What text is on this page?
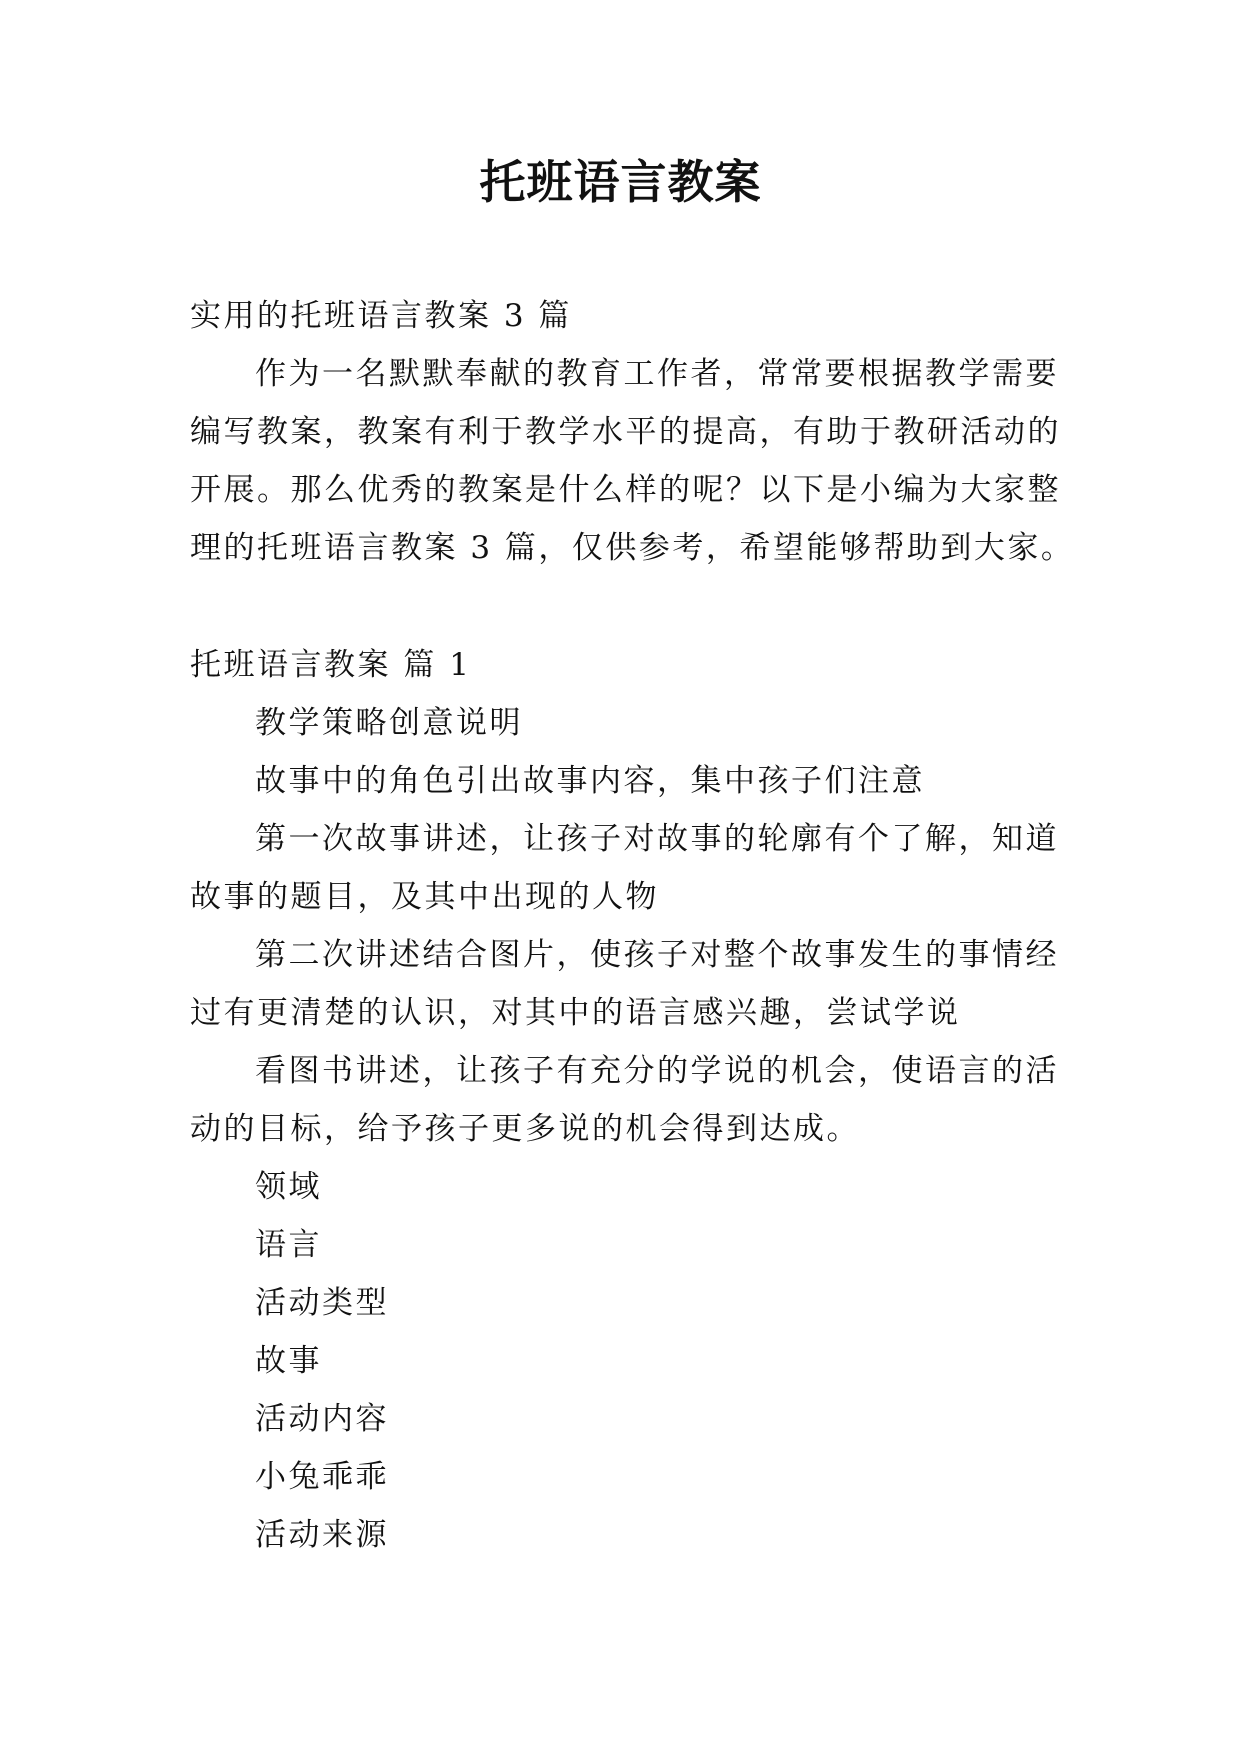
托班语言教案
实用的托班语言教案 3 篇
作为一名默默奉献的教育工作者，常常要根据教学需要
编写教案，教案有利于教学水平的提高，有助于教研活动的
开展。那么优秀的教案是什么样的呢？以下是小编为大家整
理的托班语言教案 3 篇，仅供参考，希望能够帮助到大家。
托班语言教案 篇 1
教学策略创意说明
故事中的角色引出故事内容，集中孩子们注意
第一次故事讲述，让孩子对故事的轮廓有个了解，知道
故事的题目，及其中出现的人物
第二次讲述结合图片，使孩子对整个故事发生的事情经
过有更清楚的认识，对其中的语言感兴趣，尝试学说
看图书讲述，让孩子有充分的学说的机会，使语言的活
动的目标，给予孩子更多说的机会得到达成。
领域
语言
活动类型
故事
活动内容
小兔乖乖
活动来源
